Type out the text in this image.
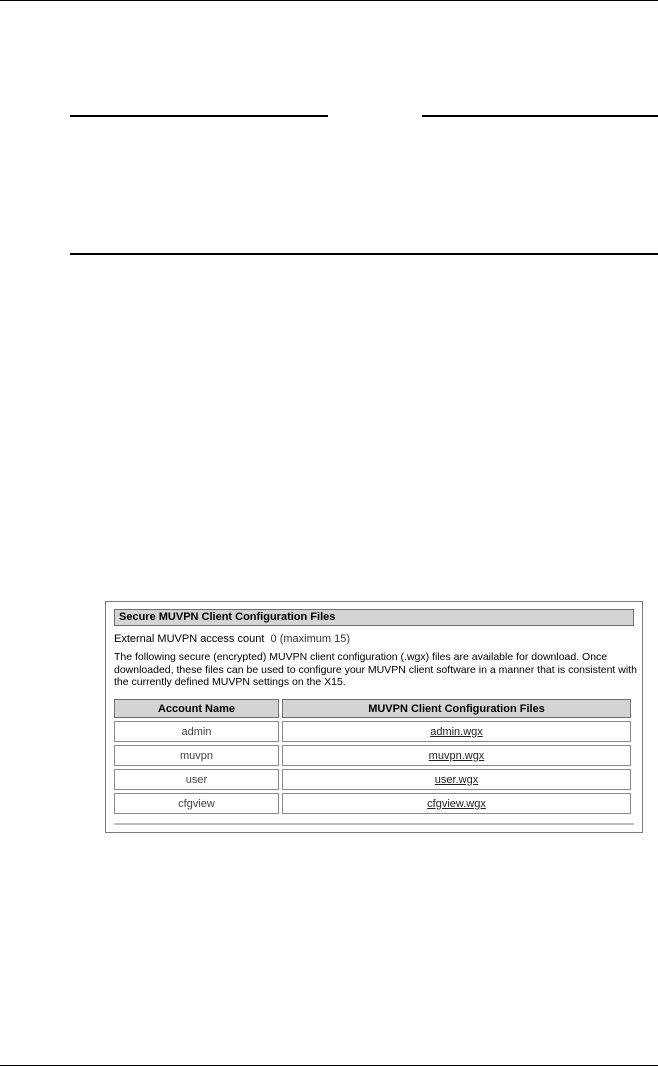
Secure MUVPN Client Configuration Files
External MUVPN access count 0 (maximum 15)
The following secure (encrypted) MUVPN client configuration (.wgx) files are available for download. Once downloaded, these files can be used to configure your MUVPN client software in a manner that is consistent with the currently defined MUVPN settings on the X15.
Account Name	MUVPN Client Configuration Files
admin	admin.wgx
muvpn	muvpn.wgx
user	user.wgx
cfgview	cfgview.wgx
